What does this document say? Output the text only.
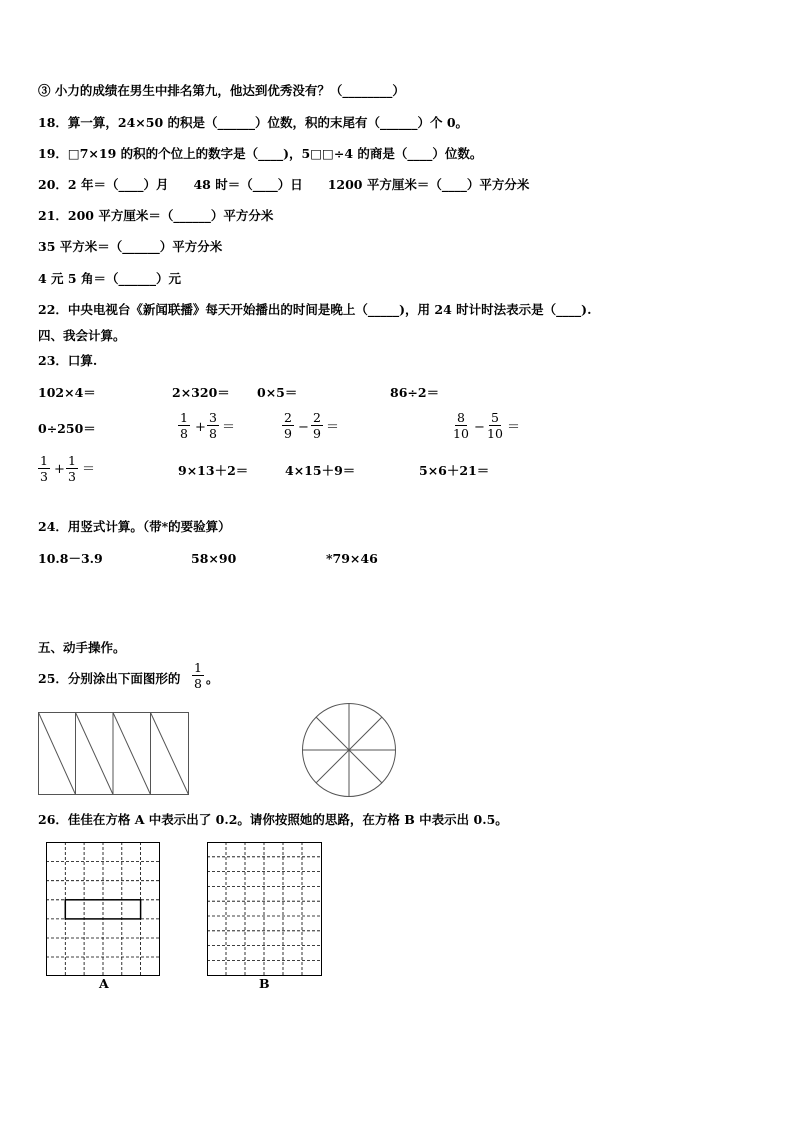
③ 小力的成绩在男生中排名第九，他达到优秀没有？（________）
18．算一算，24×50 的积是（______）位数，积的末尾有（______）个 0。
19．□7×19 的积的个位上的数字是（____)，5□□÷4 的商是（____）位数。
20．2 年＝（____）月　　48 时＝（____）日　　1200 平方厘米＝（____）平方分米
21．200 平方厘米＝（______）平方分米
35 平方米＝（______）平方分米
4 元 5 角＝（______）元
22．中央电视台《新闻联播》每天开始播出的时间是晚上（_____)，用 24 时计时法表示是（____).
四、我会计算。
23．口算.
102×4＝	2×320＝ 0×5＝	86÷2＝
0÷250＝	$\frac{1}{8} + \frac{3}{8}$ ＝	$\frac{2}{9} - \frac{2}{9}$ ＝	$\frac{8}{10} - \frac{5}{10}$ ＝
$\frac{1}{3} + \frac{1}{3}$ ＝	9×13＋2＝	4×15＋9＝	5×6＋21＝
24．用竖式计算。（带*的要验算）
10.8－3.9	58×90	*79×46
五、动手操作。
25．分别涂出下面图形的 $\frac{1}{8}$ 。
26．佳佳在方格 A 中表示出了 0.2。请你按照她的思路，在方格 B 中表示出 0.5。
A	B
